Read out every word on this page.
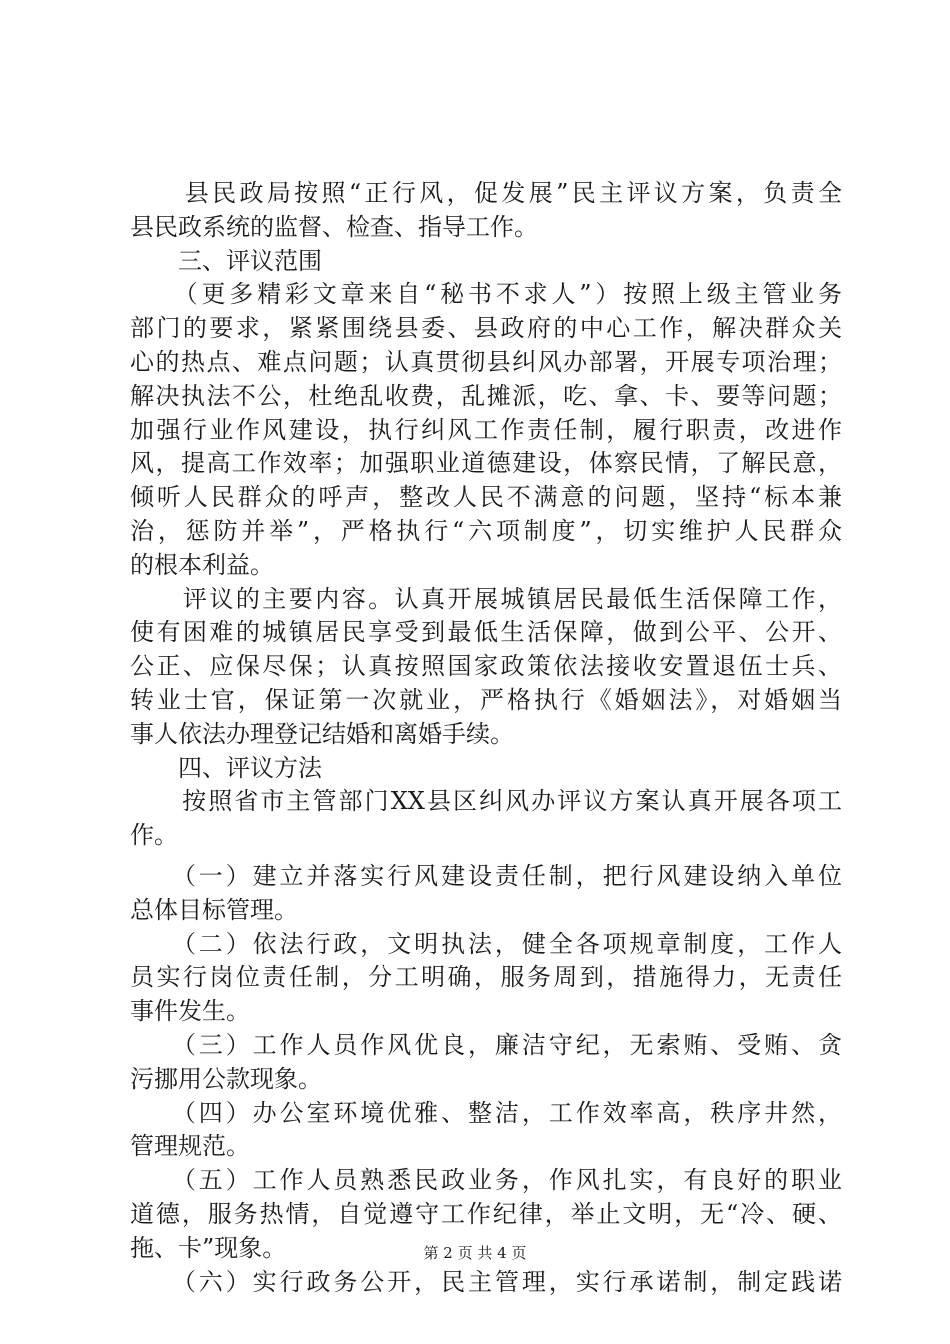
　　县民政局按照“正行风，促发展”民主评议方案，负责全
县民政系统的监督、检查、指导工作。
　　三、评议范围
　　（更多精彩文章来自“秘书不求人”）按照上级主管业务
部门的要求，紧紧围绕县委、县政府的中心工作，解决群众关
心的热点、难点问题；认真贯彻县纠风办部署，开展专项治理；
解决执法不公，杜绝乱收费，乱摊派，吃、拿、卡、要等问题；
加强行业作风建设，执行纠风工作责任制，履行职责，改进作
风，提高工作效率；加强职业道德建设，体察民情，了解民意，
倾听人民群众的呼声，整改人民不满意的问题，坚持“标本兼
治，惩防并举”，严格执行“六项制度”，切实维护人民群众
的根本利益。
　　评议的主要内容。认真开展城镇居民最低生活保障工作，
使有困难的城镇居民享受到最低生活保障，做到公平、公开、
公正、应保尽保；认真按照国家政策依法接收安置退伍士兵、
转业士官，保证第一次就业，严格执行《婚姻法》，对婚姻当
事人依法办理登记结婚和离婚手续。
　　四、评议方法
　　按照省市主管部门XX县区纠风办评议方案认真开展各项工
作。
　　（一）建立并落实行风建设责任制，把行风建设纳入单位
总体目标管理。
　　（二）依法行政，文明执法，健全各项规章制度，工作人
员实行岗位责任制，分工明确，服务周到，措施得力，无责任
事件发生。
　　（三）工作人员作风优良，廉洁守纪，无索贿、受贿、贪
污挪用公款现象。
　　（四）办公室环境优雅、整洁，工作效率高，秩序井然，
管理规范。
　　（五）工作人员熟悉民政业务，作风扎实，有良好的职业
道德，服务热情，自觉遵守工作纪律，举止文明，无“冷、硬、
拖、卡”现象。
　　（六）实行政务公开，民主管理，实行承诺制，制定践诺
第 2 页 共 4 页
